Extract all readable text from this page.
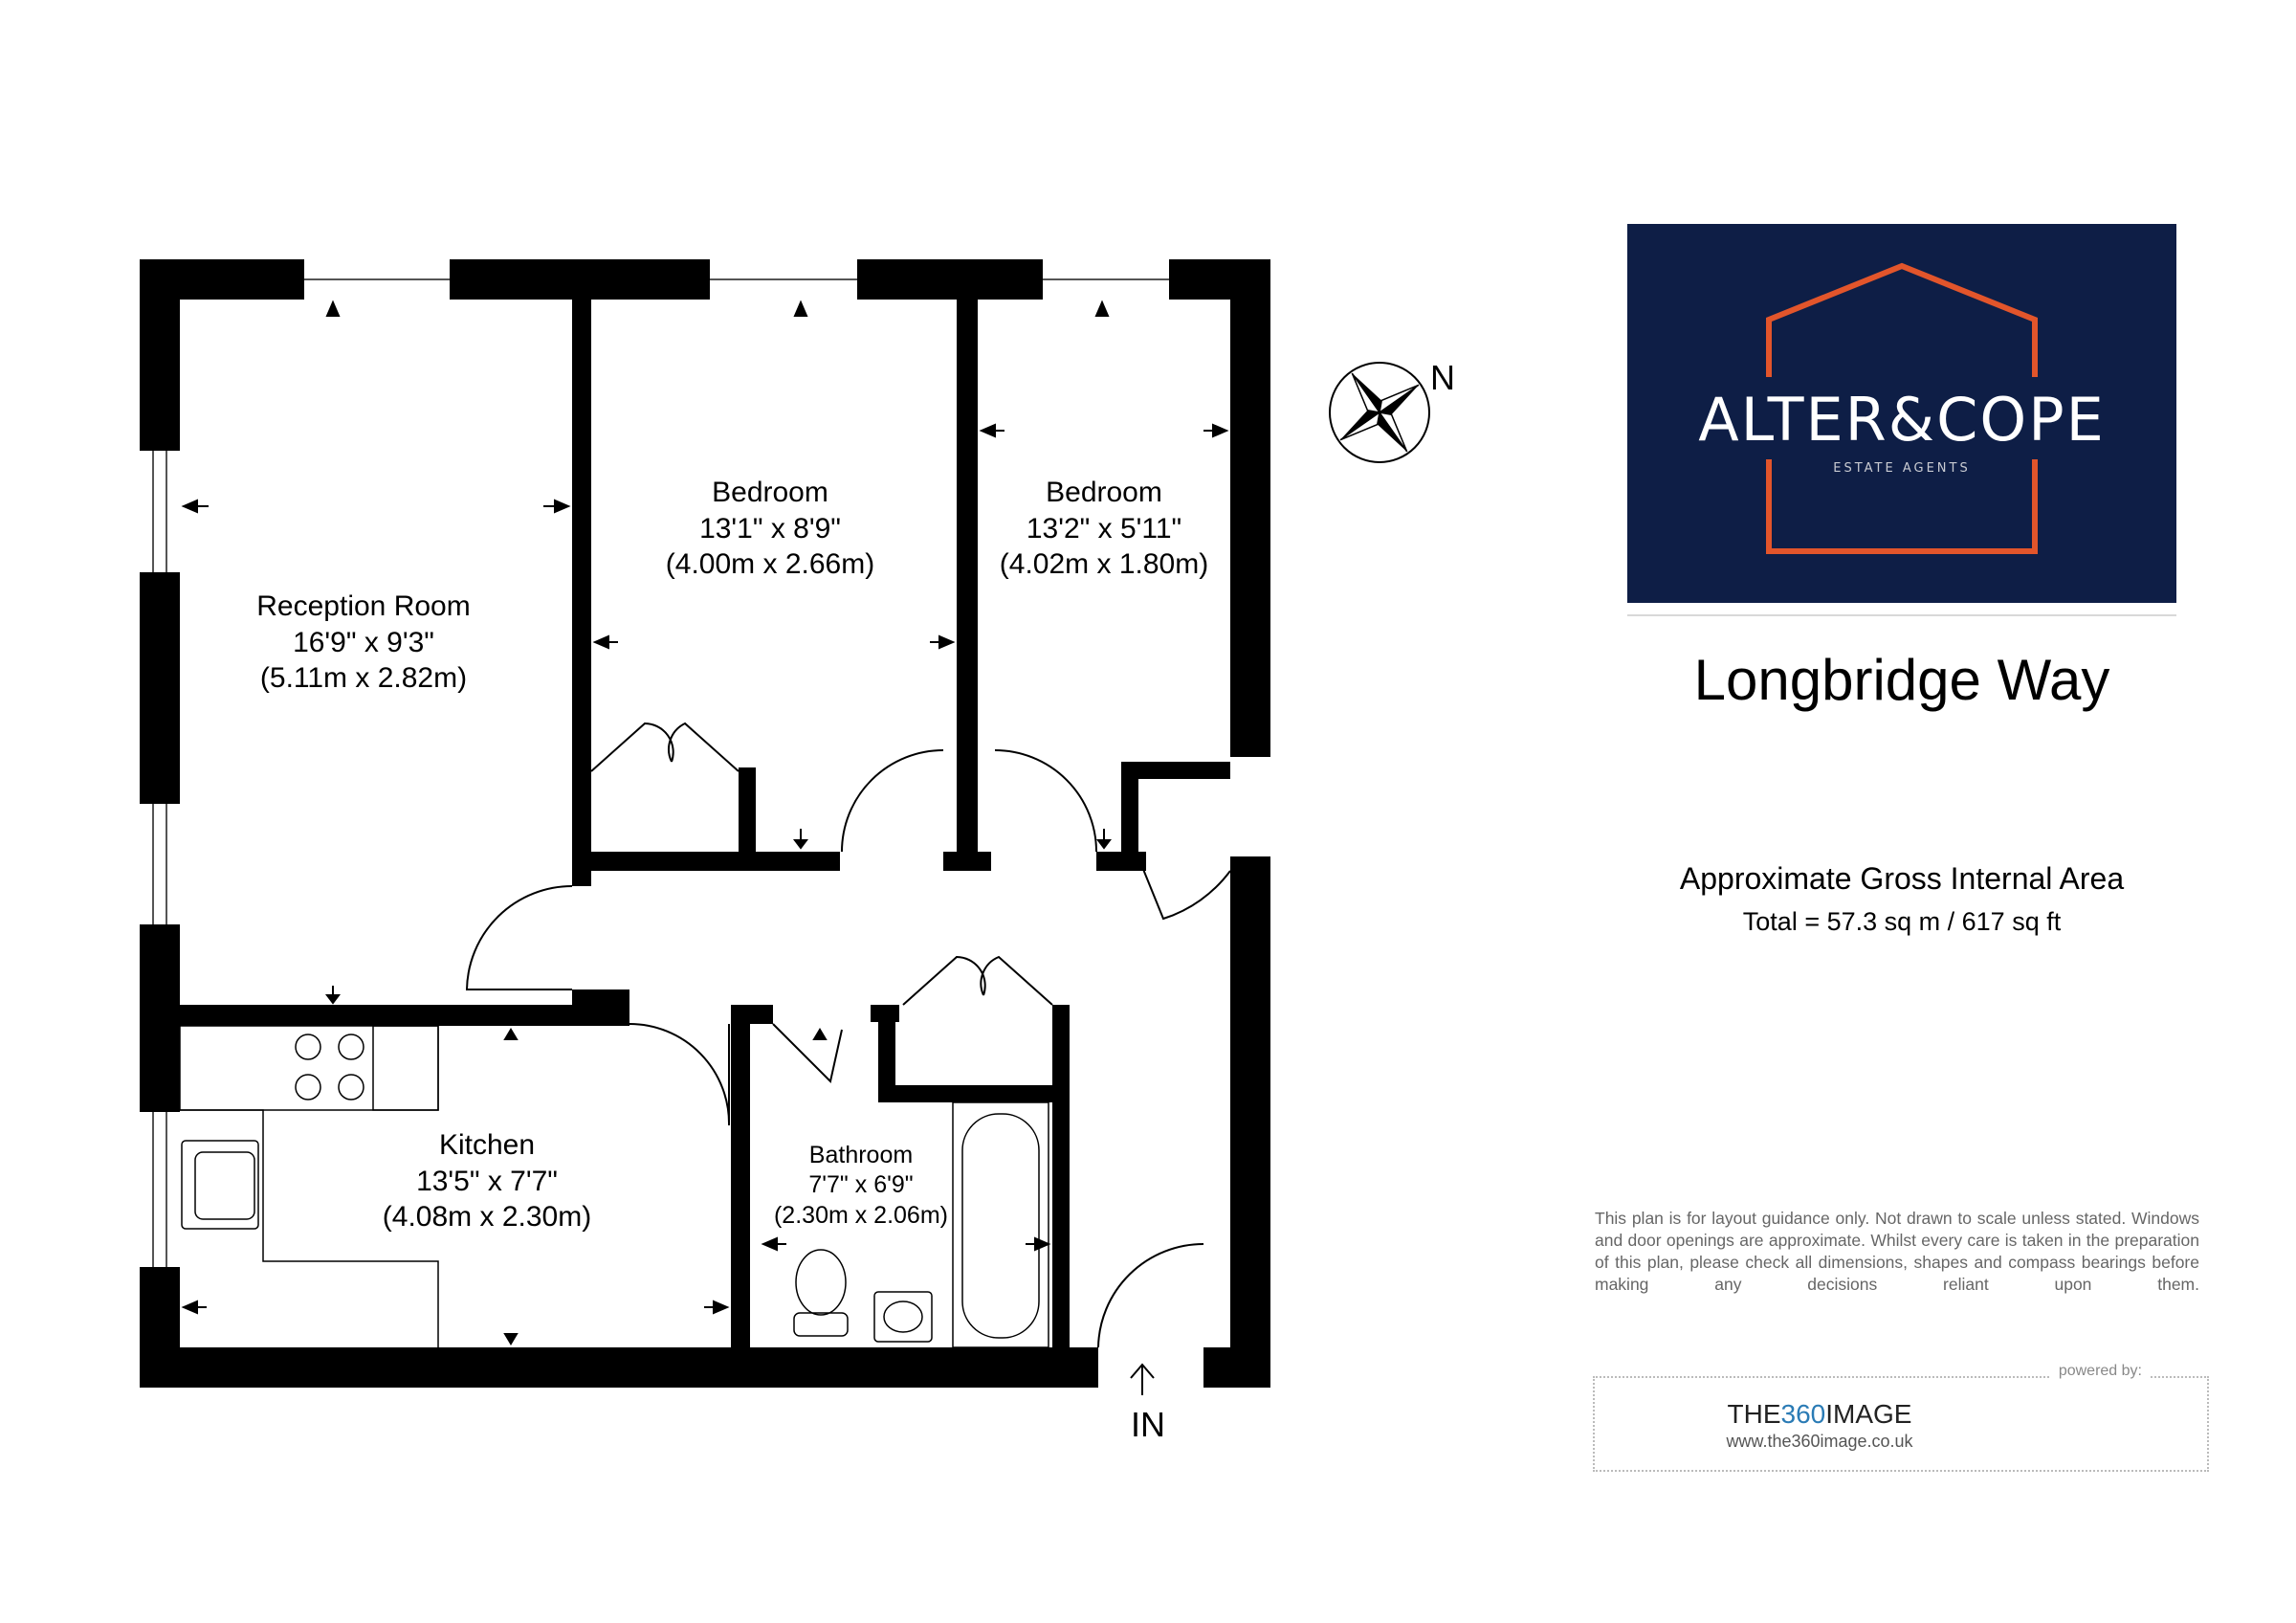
Reception Room
16'9" x 9'3"
(5.11m x 2.82m)
Bedroom
13'1" x 8'9"
(4.00m x 2.66m)
Bedroom
13'2" x 5'11"
(4.02m x 1.80m)
Kitchen
13'5" x 7'7"
(4.08m x 2.30m)
Bathroom
7'7" x 6'9"
(2.30m x 2.06m)
IN
N
ALTER&COPE
ESTATE AGENTS
Longbridge Way
Approximate Gross Internal Area
Total = 57.3 sq m / 617 sq ft
This plan is for layout guidance only. Not drawn to scale unless stated. Windows and door openings are approximate. Whilst every care is taken in the preparation of this plan, please check all dimensions, shapes and compass bearings before making any decisions reliant upon them.
powered by:
THE360IMAGE
www.the360image.co.uk
